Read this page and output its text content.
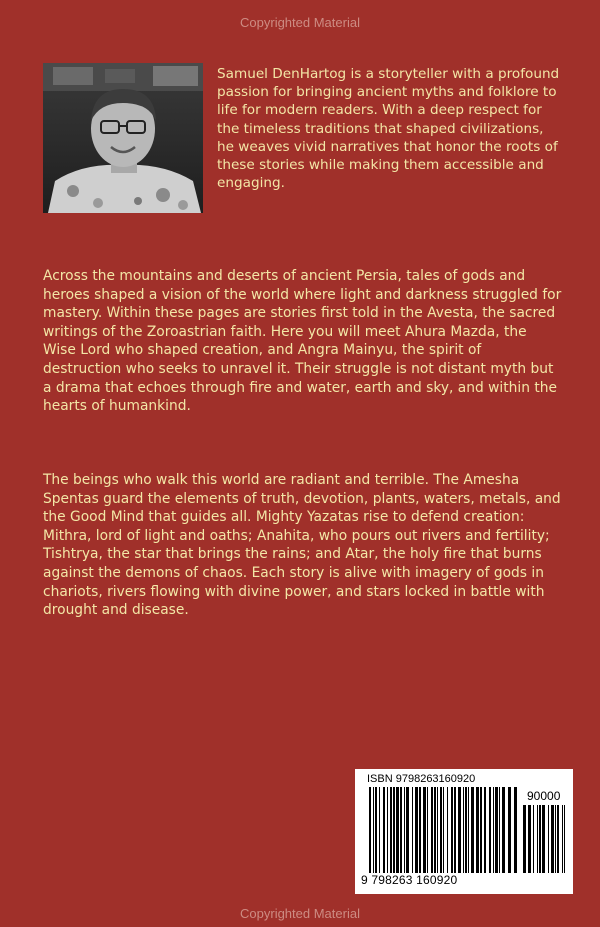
Copyrighted Material

Samuel DenHartog is a storyteller with a profound passion for bringing ancient myths and folklore to life for modern readers. With a deep respect for the timeless traditions that shaped civilizations, he weaves vivid narratives that honor the roots of these stories while making them accessible and engaging.

Across the mountains and deserts of ancient Persia, tales of gods and heroes shaped a vision of the world where light and darkness struggled for mastery. Within these pages are stories first told in the Avesta, the sacred writings of the Zoroastrian faith. Here you will meet Ahura Mazda, the Wise Lord who shaped creation, and Angra Mainyu, the spirit of destruction who seeks to unravel it. Their struggle is not distant myth but a drama that echoes through fire and water, earth and sky, and within the hearts of humankind.

The beings who walk this world are radiant and terrible. The Amesha Spentas guard the elements of truth, devotion, plants, waters, metals, and the Good Mind that guides all. Mighty Yazatas rise to defend creation: Mithra, lord of light and oaths; Anahita, who pours out rivers and fertility; Tishtrya, the star that brings the rains; and Atar, the holy fire that burns against the demons of chaos. Each story is alive with imagery of gods in chariots, rivers flowing with divine power, and stars locked in battle with drought and disease.

ISBN 9798263160920
90000
9 798263 160920
Copyrighted Material
